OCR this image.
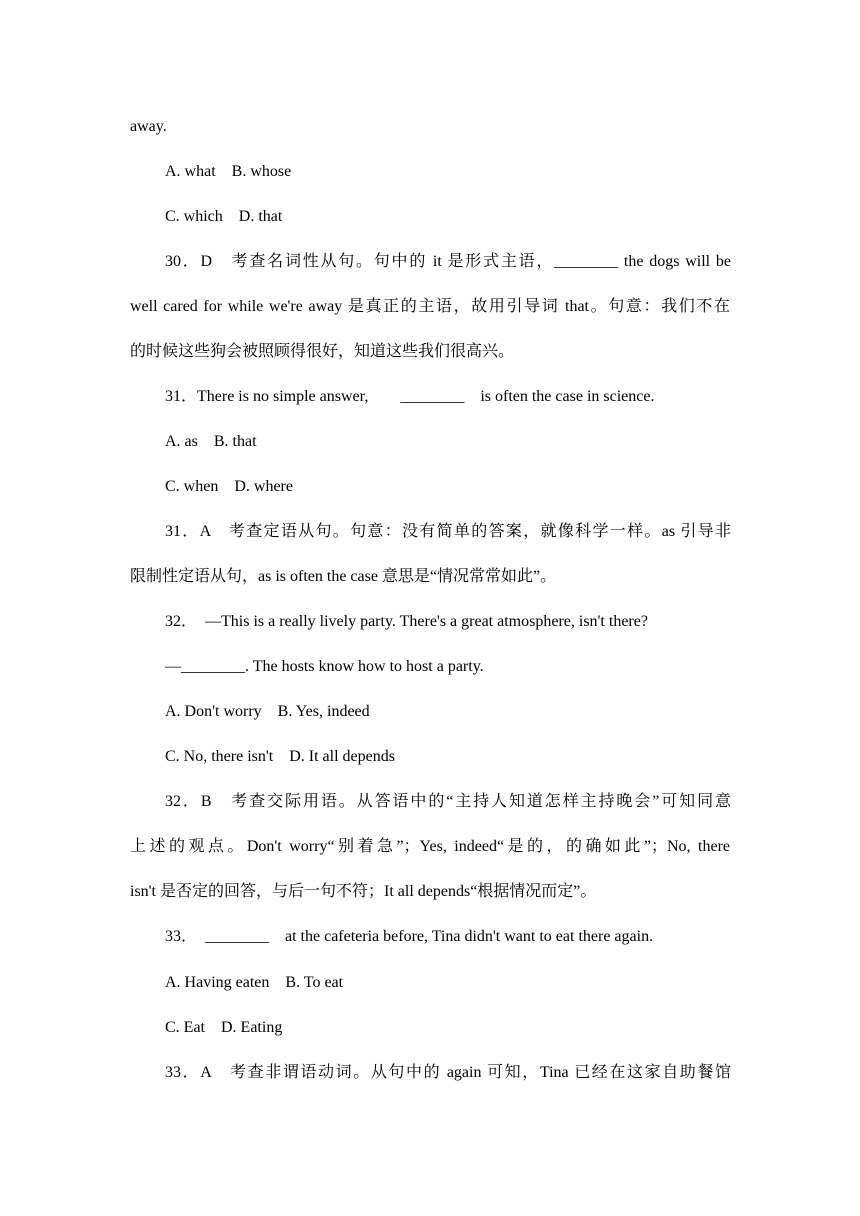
away.
A. what　B. whose
C. which　D. that
30．D　考查名词性从句。句中的 it 是形式主语，________ the dogs will be
well cared for while we're away 是真正的主语，故用引导词 that。句意：我们不在
的时候这些狗会被照顾得很好，知道这些我们很高兴。
31．There is no simple answer,　　________　is often the case in science.
A. as　B. that
C. when　D. where
31．A　考查定语从句。句意：没有简单的答案，就像科学一样。as 引导非
限制性定语从句，as is often the case 意思是“情况常常如此”。
32．　—This is a really lively party. There's a great atmosphere, isn't there?
—________. The hosts know how to host a party.
A. Don't worry　B. Yes, indeed
C. No, there isn't　D. It all depends
32．B　考查交际用语。从答语中的“主持人知道怎样主持晚会”可知同意
上述的观点。Don't worry“别着急”；Yes, indeed“是的，的确如此”；No, there
isn't 是否定的回答，与后一句不符；It all depends“根据情况而定”。
33．　________　at the cafeteria before, Tina didn't want to eat there again.
A. Having eaten　B. To eat
C. Eat　D. Eating
33．A　考查非谓语动词。从句中的 again 可知，Tina 已经在这家自助餐馆
